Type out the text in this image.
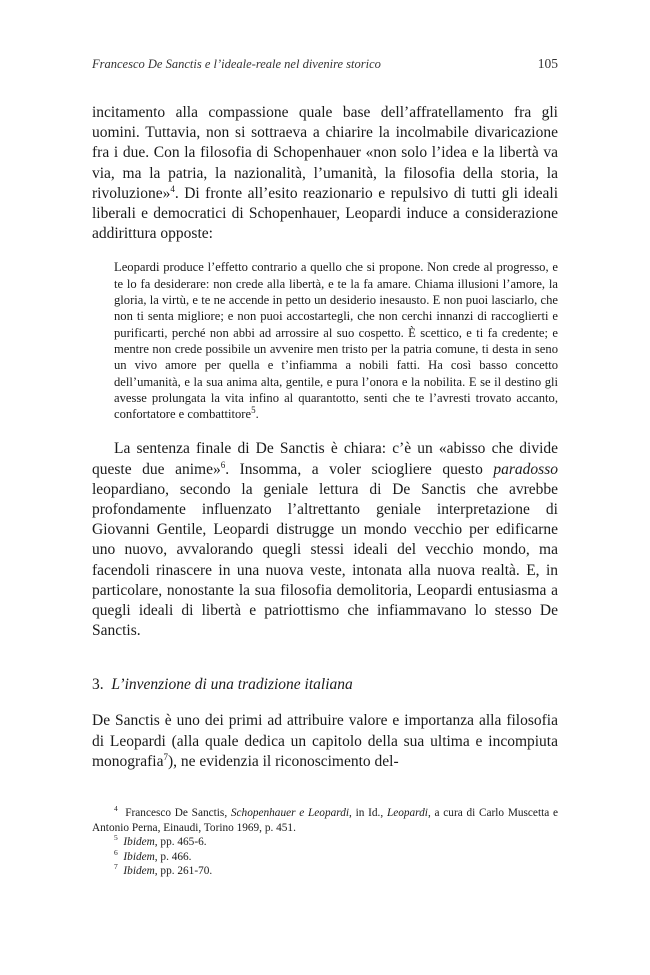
Francesco De Sanctis e l’ideale-reale nel divenire storico	105

incitamento alla compassione quale base dell’affratellamento fra gli uomini. Tuttavia, non si sottraeva a chiarire la incolmabile divaricazione fra i due. Con la filosofia di Schopenhauer «non solo l’idea e la libertà va via, ma la patria, la nazionalità, l’umanità, la filosofia della storia, la rivoluzione»$^4$. Di fronte all’esito reazionario e repulsivo di tutti gli ideali liberali e democratici di Schopenhauer, Leopardi induce a considerazione addirittura opposte:

Leopardi produce l’effetto contrario a quello che si propone. Non crede al progresso, e te lo fa desiderare: non crede alla libertà, e te la fa amare. Chiama illusioni l’amore, la gloria, la virtù, e te ne accende in petto un desiderio inesausto. E non puoi lasciarlo, che non ti senta migliore; e non puoi accostartegli, che non cerchi innanzi di raccoglierti e purificarti, perché non abbi ad arrossire al suo cospetto. È scettico, e ti fa credente; e mentre non crede possibile un avvenire men tristo per la patria comune, ti desta in seno un vivo amore per quella e t’infiamma a nobili fatti. Ha così basso concetto dell’umanità, e la sua anima alta, gentile, e pura l’onora e la nobilita. E se il destino gli avesse prolungata la vita infino al quarantotto, senti che te l’avresti trovato accanto, confortatore e combattitore$^5$.

La sentenza finale di De Sanctis è chiara: c’è un «abisso che divide queste due anime»$^6$. Insomma, a voler sciogliere questo paradosso leopardiano, secondo la geniale lettura di De Sanctis che avrebbe profondamente influenzato l’altrettanto geniale interpretazione di Giovanni Gentile, Leopardi distrugge un mondo vecchio per edificarne uno nuovo, avvalorando quegli stessi ideali del vecchio mondo, ma facendoli rinascere in una nuova veste, intonata alla nuova realtà. E, in particolare, nonostante la sua filosofia demolitoria, Leopardi entusiasma a quegli ideali di libertà e patriottismo che infiammavano lo stesso De Sanctis.

3. L’invenzione di una tradizione italiana

De Sanctis è uno dei primi ad attribuire valore e importanza alla filosofia di Leopardi (alla quale dedica un capitolo della sua ultima e incompiuta monografia$^7$), ne evidenzia il riconoscimento del-

$^4$ Francesco De Sanctis, Schopenhauer e Leopardi, in Id., Leopardi, a cura di Carlo Muscetta e Antonio Perna, Einaudi, Torino 1969, p. 451.

$^5$ Ibidem, pp. 465-6.

$^6$ Ibidem, p. 466.

$^7$ Ibidem, pp. 261-70.
